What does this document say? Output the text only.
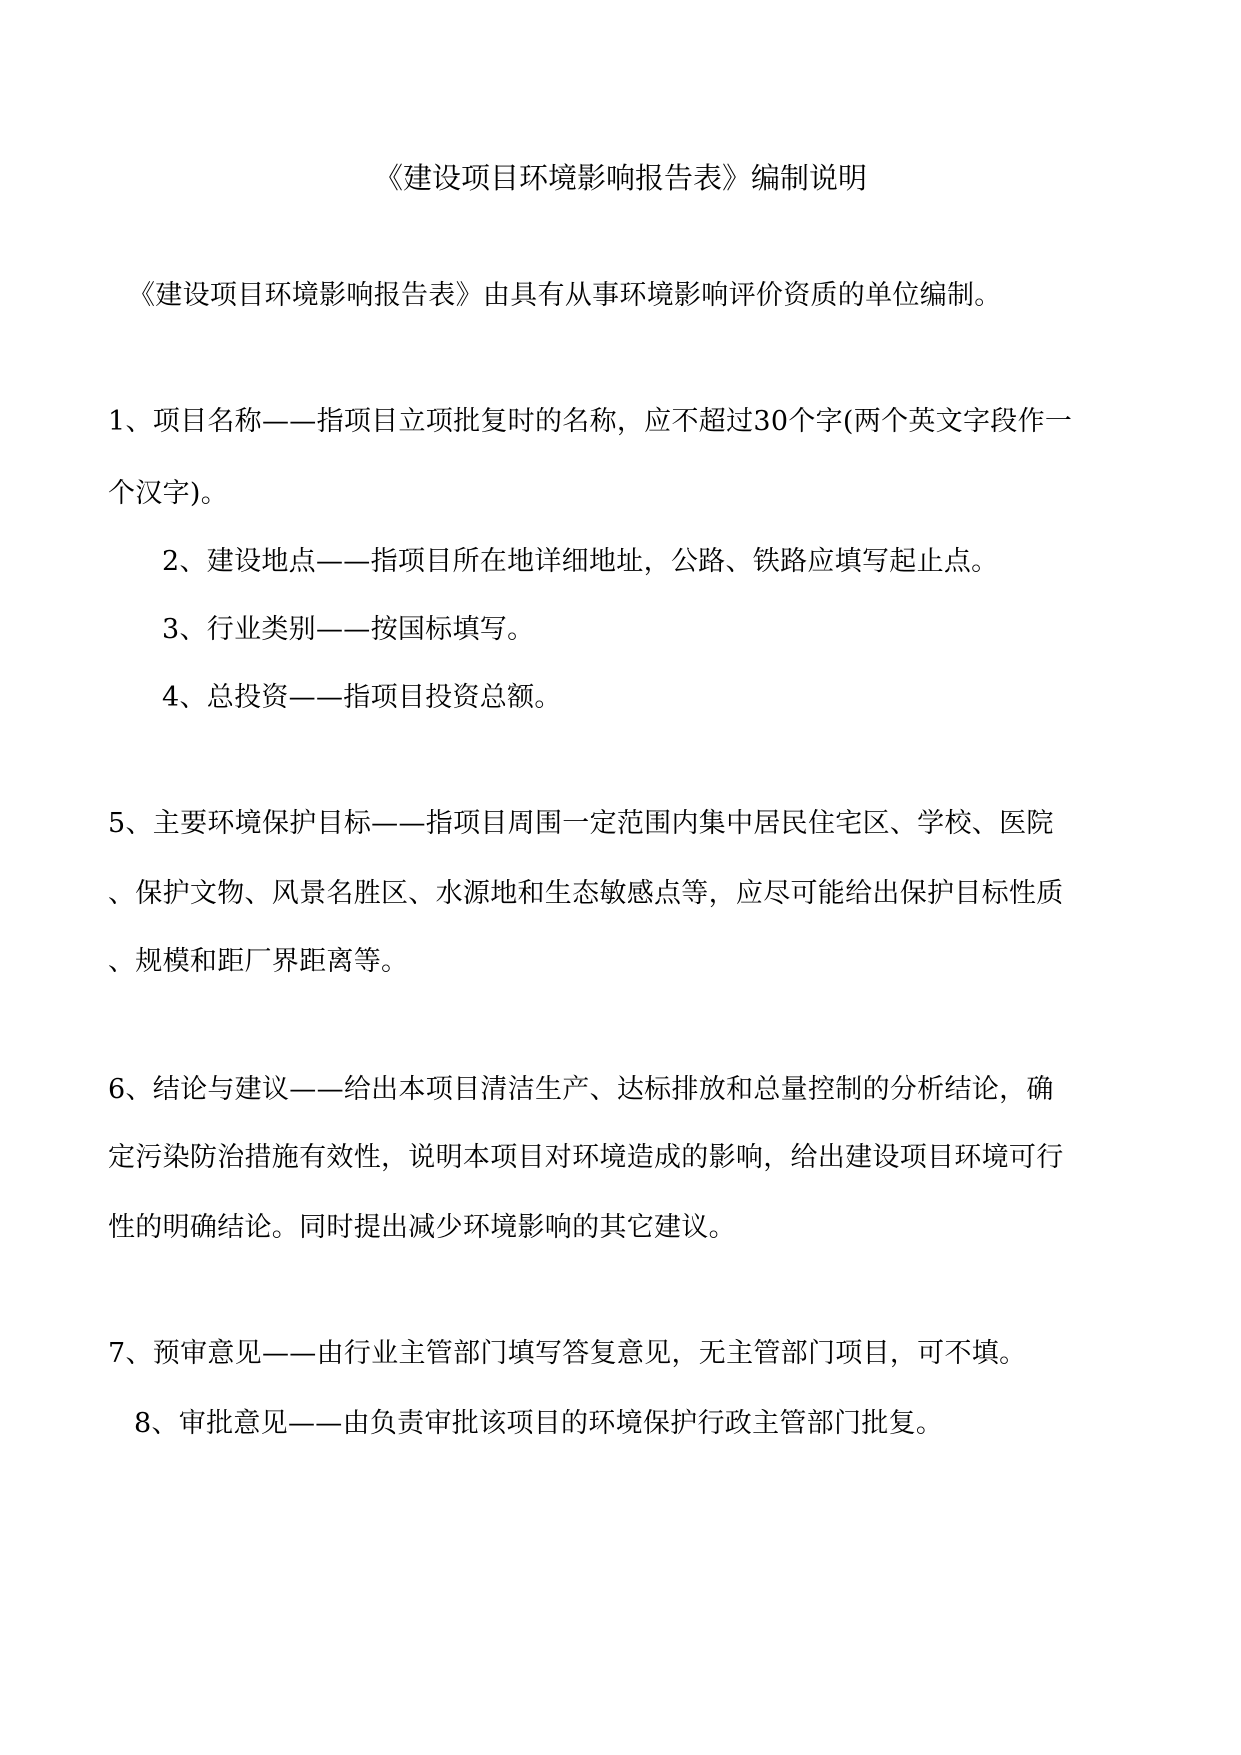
《建设项目环境影响报告表》编制说明
《建设项目环境影响报告表》由具有从事环境影响评价资质的单位编制。
1、项目名称——指项目立项批复时的名称，应不超过30个字(两个英文字段作一
个汉字)。
2、建设地点——指项目所在地详细地址，公路、铁路应填写起止点。
3、行业类别——按国标填写。
4、总投资——指项目投资总额。
5、主要环境保护目标——指项目周围一定范围内集中居民住宅区、学校、医院
、保护文物、风景名胜区、水源地和生态敏感点等，应尽可能给出保护目标性质
、规模和距厂界距离等。
6、结论与建议——给出本项目清洁生产、达标排放和总量控制的分析结论，确
定污染防治措施有效性，说明本项目对环境造成的影响，给出建设项目环境可行
性的明确结论。同时提出减少环境影响的其它建议。
7、预审意见——由行业主管部门填写答复意见，无主管部门项目，可不填。
8、审批意见——由负责审批该项目的环境保护行政主管部门批复。
